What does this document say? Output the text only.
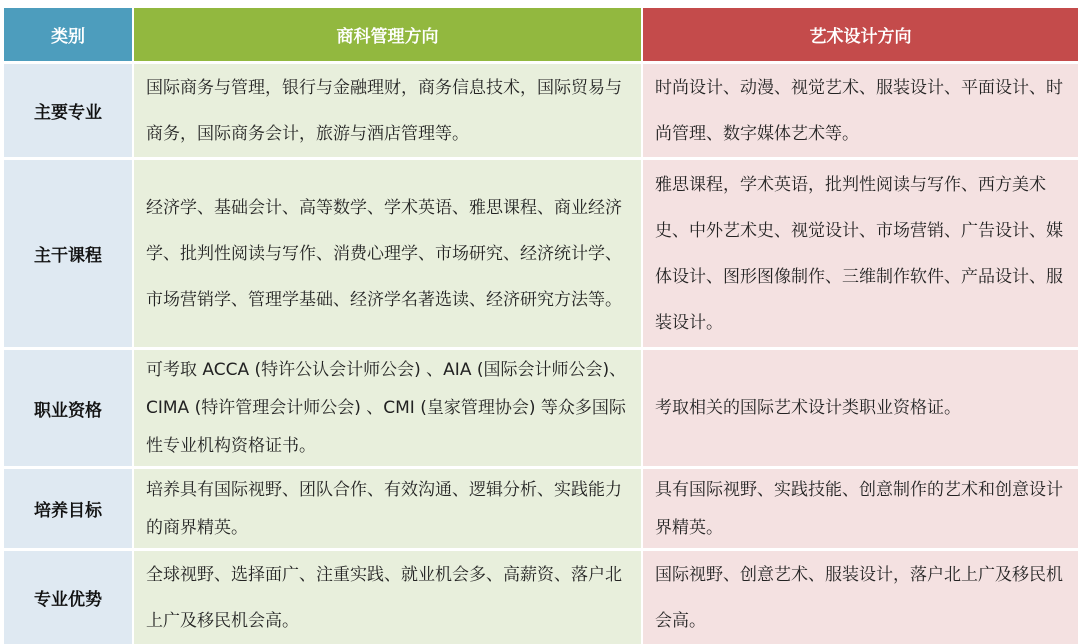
类别	商科管理方向	艺术设计方向
主要专业
国际商务与管理，银行与金融理财，商务信息技术，国际贸易与商务，国际商务会计，旅游与酒店管理等。
时尚设计、动漫、视觉艺术、服装设计、平面设计、时尚管理、数字媒体艺术等。
主干课程
经济学、基础会计、高等数学、学术英语、雅思课程、商业经济学、批判性阅读与写作、消费心理学、市场研究、经济统计学、市场营销学、管理学基础、经济学名著选读、经济研究方法等。
雅思课程，学术英语，批判性阅读与写作、西方美术史、中外艺术史、视觉设计、市场营销、广告设计、媒体设计、图形图像制作、三维制作软件、产品设计、服装设计。
职业资格
可考取 ACCA (特许公认会计师公会) 、AIA (国际会计师公会)、CIMA (特许管理会计师公会) 、CMI (皇家管理协会) 等众多国际性专业机构资格证书。
考取相关的国际艺术设计类职业资格证。
培养目标
培养具有国际视野、团队合作、有效沟通、逻辑分析、实践能力的商界精英。
具有国际视野、实践技能、创意制作的艺术和创意设计界精英。
专业优势
全球视野、选择面广、注重实践、就业机会多、高薪资、落户北上广及移民机会高。
国际视野、创意艺术、服装设计，落户北上广及移民机会高。
